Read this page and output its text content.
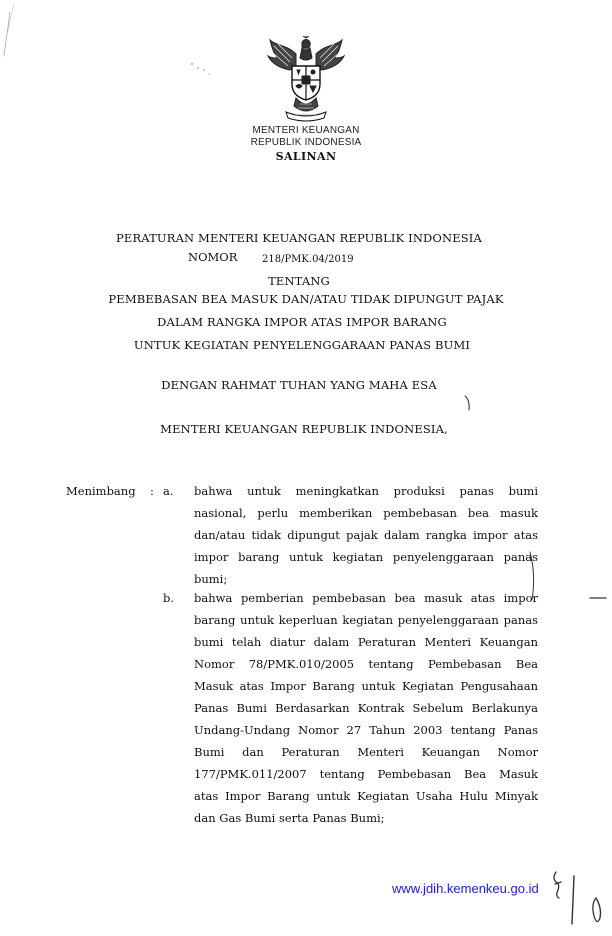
MENTERI KEUANGAN
REPUBLIK INDONESIA
SALINAN
PERATURAN MENTERI KEUANGAN REPUBLIK INDONESIA
NOMOR 218/PMK.04/2019
TENTANG
PEMBEBASAN BEA MASUK DAN/ATAU TIDAK DIPUNGUT PAJAK
DALAM RANGKA IMPOR ATAS IMPOR BARANG
UNTUK KEGIATAN PENYELENGGARAAN PANAS BUMI
DENGAN RAHMAT TUHAN YANG MAHA ESA
MENTERI KEUANGAN REPUBLIK INDONESIA,
Menimbang : a. bahwa untuk meningkatkan produksi panas bumi
nasional, perlu memberikan pembebasan bea masuk
dan/atau tidak dipungut pajak dalam rangka impor atas
impor barang untuk kegiatan penyelenggaraan panas
bumi;
b. bahwa pemberian pembebasan bea masuk atas impor
barang untuk keperluan kegiatan penyelenggaraan panas
bumi telah diatur dalam Peraturan Menteri Keuangan
Nomor 78/PMK.010/2005 tentang Pembebasan Bea
Masuk atas Impor Barang untuk Kegiatan Pengusahaan
Panas Bumi Berdasarkan Kontrak Sebelum Berlakunya
Undang-Undang Nomor 27 Tahun 2003 tentang Panas
Bumi dan Peraturan Menteri Keuangan Nomor
177/PMK.011/2007 tentang Pembebasan Bea Masuk
atas Impor Barang untuk Kegiatan Usaha Hulu Minyak
dan Gas Bumi serta Panas Bumi;
www.jdih.kemenkeu.go.id
